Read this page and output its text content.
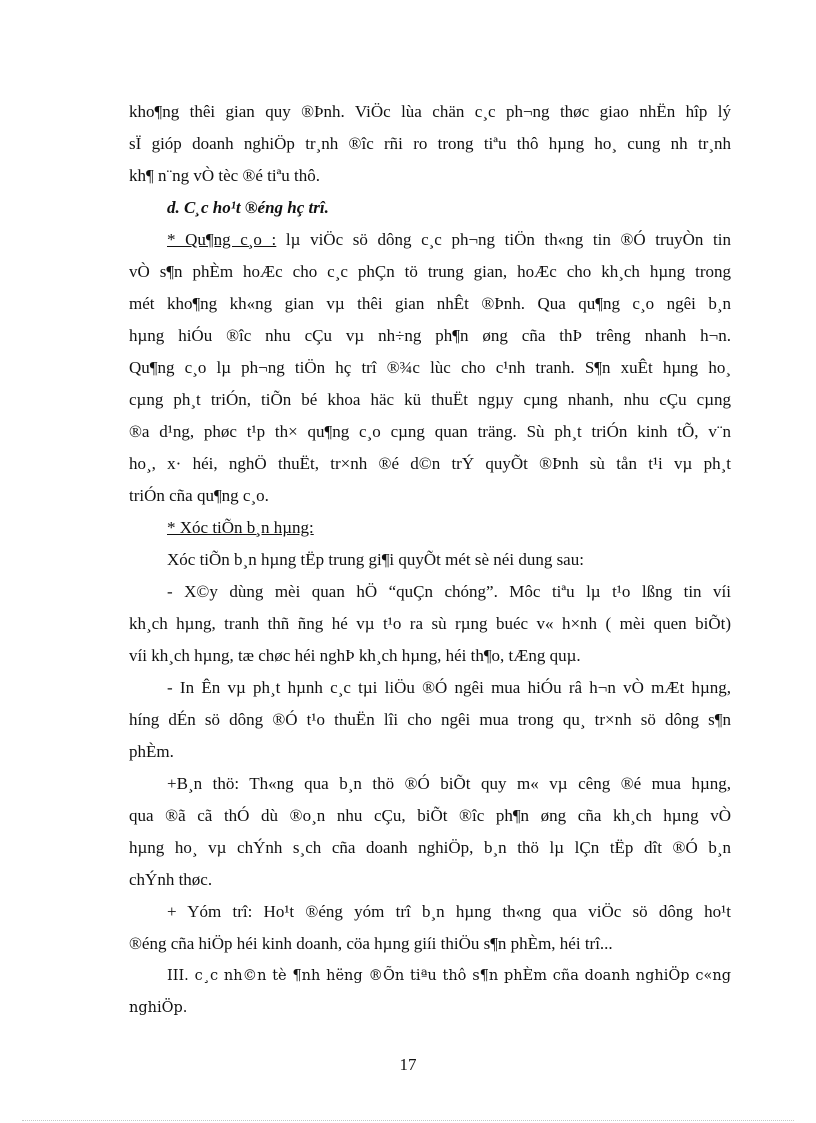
kho¶ng thêi gian quy ®Þnh. ViÖc lùa chän c¸c ph¬ng thøc giao nhËn hîp lý
sÏ gióp doanh nghiÖp tr¸nh ®îc rñi ro trong tiªu thô hµng ho¸ cung nh tr¸nh
kh¶ n¨ng vÒ tèc ®é tiªu thô.
d. C¸c ho¹t ®éng hç trî.
* Qu¶ng c¸o : lµ viÖc sö dông c¸c ph¬ng tiÖn th«ng tin ®Ó truyÒn tin
vÒ s¶n phÈm hoÆc cho c¸c phÇn tö trung gian, hoÆc cho kh¸ch hµng trong
mét kho¶ng kh«ng gian vµ thêi gian nhÊt ®Þnh. Qua qu¶ng c¸o ngêi b¸n
hµng hiÓu ®îc nhu cÇu vµ nh÷ng ph¶n øng cña thÞ trêng nhanh h¬n.
Qu¶ng c¸o lµ ph¬ng tiÖn hç trî ®¾c lùc cho c¹nh tranh. S¶n xuÊt hµng ho¸
cµng ph¸t triÓn, tiÕn bé khoa häc kü thuËt ngµy cµng nhanh, nhu cÇu cµng
®a d¹ng, phøc t¹p th× qu¶ng c¸o cµng quan träng. Sù ph¸t triÓn kinh tÕ, v¨n
ho¸, x· héi, nghÖ thuËt, tr×nh ®é d©n trÝ quyÕt ®Þnh sù tån t¹i vµ ph¸t
triÓn cña qu¶ng c¸o.
* Xóc tiÕn b¸n hµng:
Xóc tiÕn b¸n hµng tËp trung gi¶i quyÕt mét sè néi dung sau:
- X©y dùng mèi quan hÖ “quÇn chóng”. Môc tiªu lµ t¹o lßng tin víi
kh¸ch hµng, tranh thñ ñng hé vµ t¹o ra sù rµng buéc v« h×nh ( mèi quen biÕt)
víi kh¸ch hµng, tæ chøc héi nghÞ kh¸ch hµng, héi th¶o, tÆng quµ.
- In Ên vµ ph¸t hµnh c¸c tµi liÖu ®Ó ngêi mua hiÓu râ h¬n vÒ mÆt hµng,
híng dÉn sö dông ®Ó t¹o thuËn lîi cho ngêi mua trong qu¸ tr×nh sö dông s¶n
phÈm.
+B¸n thö: Th«ng qua b¸n thö ®Ó biÕt quy m« vµ cêng ®é mua hµng,
qua ®ã cã thÓ dù ®o¸n nhu cÇu, biÕt ®îc ph¶n øng cña kh¸ch hµng vÒ
hµng ho¸ vµ chÝnh s¸ch cña doanh nghiÖp, b¸n thö lµ lÇn tËp dît ®Ó b¸n
chÝnh thøc.
+ Yóm trî: Ho¹t ®éng yóm trî b¸n hµng th«ng qua viÖc sö dông ho¹t
®éng cña hiÖp héi kinh doanh, cöa hµng giíi thiÖu s¶n phÈm, héi trî...
III. c¸c nh©n tè ¶nh hëng ®Õn tiªu thô s¶n phÈm cña doanh nghiÖp c«ng
nghiÖp.
17
